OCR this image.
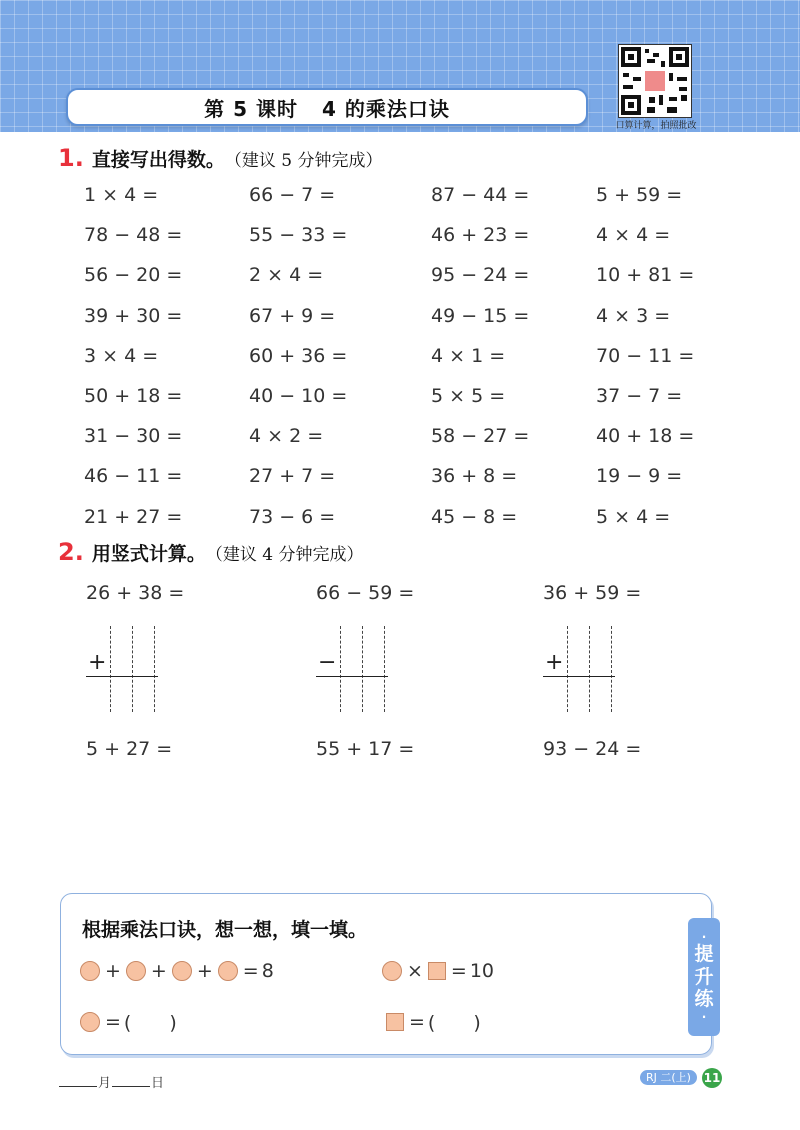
第 5 课时 4 的乘法口诀
口算计算，拍照批改
1. 直接写出得数。 （建议 5 分钟完成）
1 × 4 =	66 − 7 =	87 − 44 =	5 + 59 =
78 − 48 =	55 − 33 =	46 + 23 =	4 × 4 =
56 − 20 =	2 × 4 =	95 − 24 =	10 + 81 =
39 + 30 =	67 + 9 =	49 − 15 =	4 × 3 =
3 × 4 =	60 + 36 =	4 × 1 =	70 − 11 =
50 + 18 =	40 − 10 =	5 × 5 =	37 − 7 =
31 − 30 =	4 × 2 =	58 − 27 =	40 + 18 =
46 − 11 =	27 + 7 =	36 + 8 =	19 − 9 =
21 + 27 =	73 − 6 =	45 − 8 =	5 × 4 =
2. 用竖式计算。 （建议 4 分钟完成）
26 + 38 =	66 − 59 =	36 + 59 =
+	−	+
5 + 27 =	55 + 17 =	93 − 24 =
·
提
升
练
·
根据乘法口诀，想一想，填一填。
+ + + = 8	× = 10
= (　　)	= (　　)
月	日	RJ 二(上)	11
